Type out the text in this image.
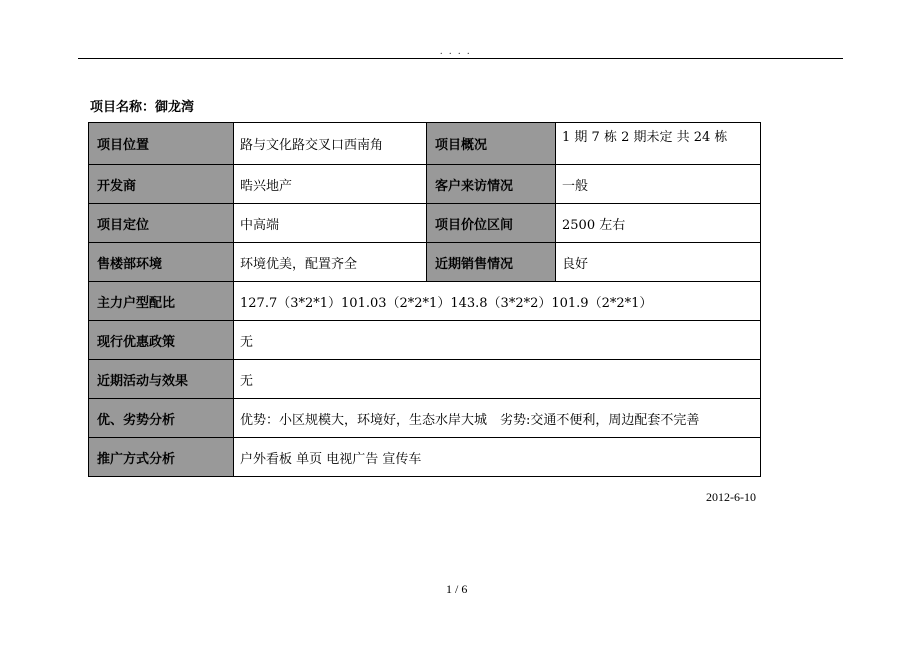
. . . .
项目名称：御龙湾
项目位置	路与文化路交叉口西南角	项目概况	1 期 7 栋 2 期未定 共 24 栋
开发商	晧兴地产	客户来访情况	一般
项目定位	中高端	项目价位区间	2500 左右
售楼部环境	环境优美，配置齐全	近期销售情况	良好
主力户型配比	127.7（3*2*1）101.03（2*2*1）143.8（3*2*2）101.9（2*2*1）		
现行优惠政策	无		
近期活动与效果	无		
优、劣势分析	优势：小区规模大，环境好，生态水岸大城　劣势:交通不便利，周边配套不完善		
推广方式分析	户外看板 单页 电视广告 宣传车		
2012-6-10
1 / 6
